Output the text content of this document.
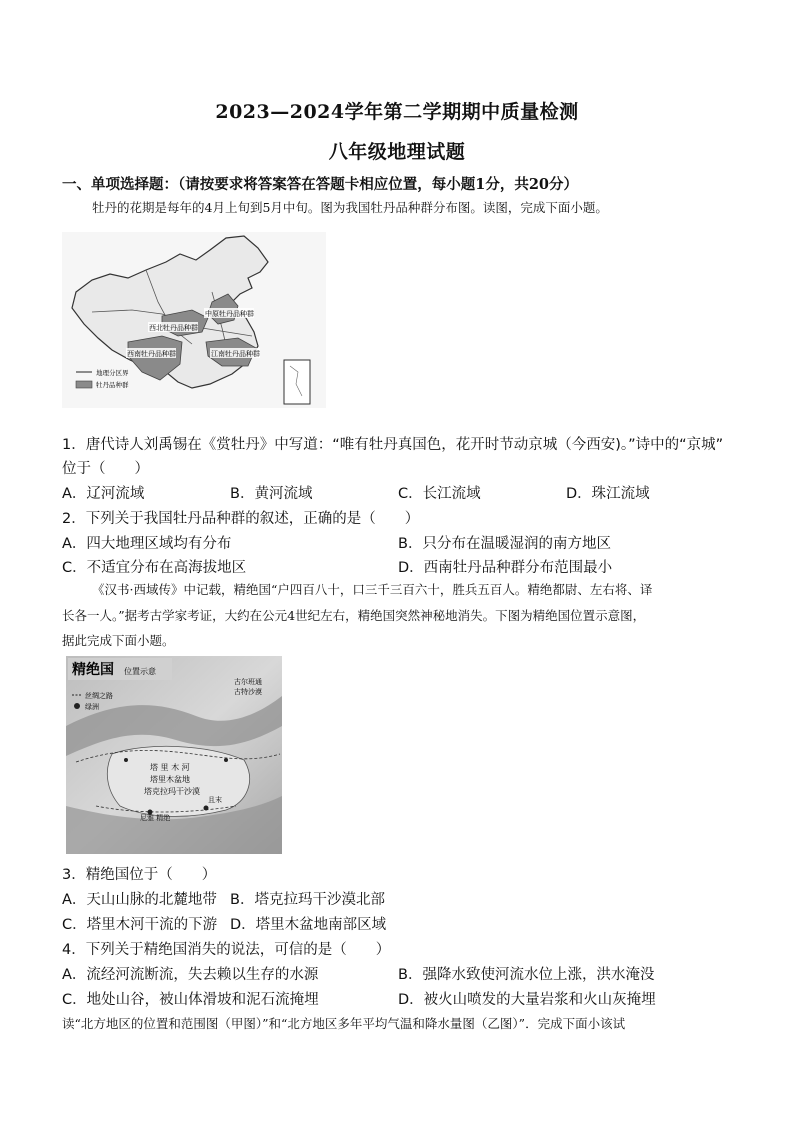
2023—2024学年第二学期期中质量检测
八年级地理试题
一、单项选择题：（请按要求将答案答在答题卡相应位置，每小题1分，共20分）
牡丹的花期是每年的4月上旬到5月中旬。图为我国牡丹品种群分布图。读图，完成下面小题。
中原牡丹品种群
西北牡丹品种群
西南牡丹品种群	江南牡丹品种群
地理分区界
牡丹品种群
1．唐代诗人刘禹锡在《赏牡丹》中写道：“唯有牡丹真国色，花开时节动京城（今西安)。”诗中的“京城”
位于（　　）
A．辽河流域	B．黄河流域	C．长江流域	D．珠江流域
2．下列关于我国牡丹品种群的叙述，正确的是（　　）
A．四大地理区域均有分布	B．只分布在温暖湿润的南方地区
C．不适宜分布在高海拔地区	D．西南牡丹品种群分布范围最小
《汉书·西域传》中记载，精绝国“户四百八十，口三千三百六十，胜兵五百人。精绝都尉、左右将、译
长各一人。”据考古学家考证，大约在公元4世纪左右，精绝国突然神秘地消失。下图为精绝国位置示意图，
据此完成下面小题。
精绝国 位置示意
丝绸之路
绿洲
古尔班通
古特沙漠
塔 里 木 河
塔里木盆地
塔克拉玛干沙漠
且末
尼雅 精绝
3．精绝国位于（　　）
A．天山山脉的北麓地带 B．塔克拉玛干沙漠北部
C．塔里木河干流的下游 D．塔里木盆地南部区域
4．下列关于精绝国消失的说法，可信的是（　　）
A．流经河流断流，失去赖以生存的水源	B．强降水致使河流水位上涨，洪水淹没
C．地处山谷，被山体滑坡和泥石流掩埋	D．被火山喷发的大量岩浆和火山灰掩埋
读“北方地区的位置和范围图（甲图）”和“北方地区多年平均气温和降水量图（乙图）”．完成下面小该试
